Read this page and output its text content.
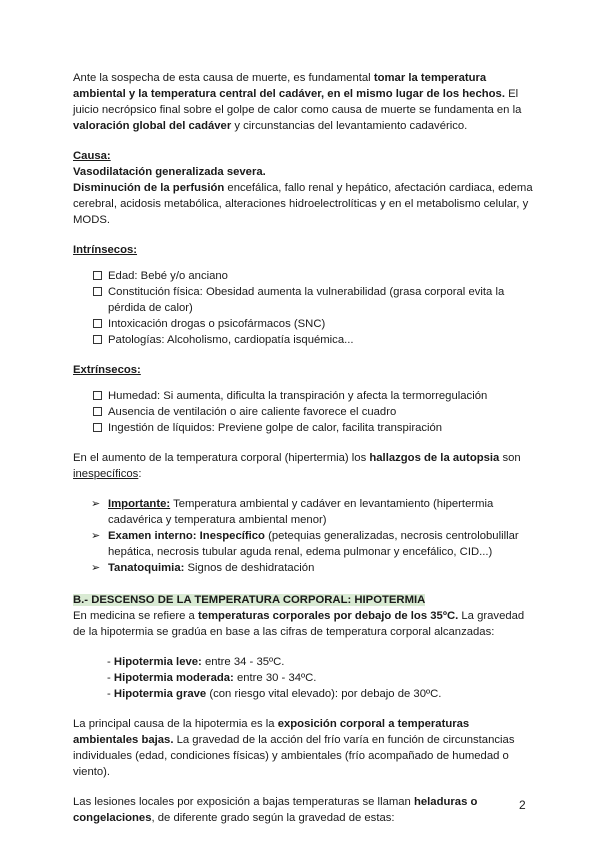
Ante la sospecha de esta causa de muerte, es fundamental tomar la temperatura ambiental y la temperatura central del cadáver, en el mismo lugar de los hechos. El juicio necrópsico final sobre el golpe de calor como causa de muerte se fundamenta en la valoración global del cadáver y circunstancias del levantamiento cadavérico.

Causa:

Vasodilatación generalizada severa.

Disminución de la perfusión encefálica, fallo renal y hepático, afectación cardiaca, edema cerebral, acidosis metabólica, alteraciones hidroelectrolíticas y en el metabolismo celular, y MODS.

Intrínsecos:

Edad: Bebé y/o anciano
Constitución física: Obesidad aumenta la vulnerabilidad (grasa corporal evita la pérdida de calor)
Intoxicación drogas o psicofármacos (SNC)
Patologías: Alcoholismo, cardiopatía isquémica...

Extrínsecos:

Humedad: Si aumenta, dificulta la transpiración y afecta la termorregulación
Ausencia de ventilación o aire caliente favorece el cuadro
Ingestión de líquidos: Previene golpe de calor, facilita transpiración

En el aumento de la temperatura corporal (hipertermia) los hallazgos de la autopsia son inespecíficos:

➢ Importante: Temperatura ambiental y cadáver en levantamiento (hipertermia cadavérica y temperatura ambiental menor)
➢ Examen interno: Inespecífico (petequias generalizadas, necrosis centrolobulillar hepática, necrosis tubular aguda renal, edema pulmonar y encefálico, CID...)
➢ Tanatoquimia: Signos de deshidratación

B.- DESCENSO DE LA TEMPERATURA CORPORAL: HIPOTERMIA

En medicina se refiere a temperaturas corporales por debajo de los 35ºC. La gravedad de la hipotermia se gradúa en base a las cifras de temperatura corporal alcanzadas:

- Hipotermia leve: entre 34 - 35ºC.
- Hipotermia moderada: entre 30 - 34ºC.
- Hipotermia grave (con riesgo vital elevado): por debajo de 30ºC.

La principal causa de la hipotermia es la exposición corporal a temperaturas ambientales bajas. La gravedad de la acción del frío varía en función de circunstancias individuales (edad, condiciones físicas) y ambientales (frío acompañado de humedad o viento).

Las lesiones locales por exposición a bajas temperaturas se llaman heladuras o congelaciones, de diferente grado según la gravedad de estas:

2
